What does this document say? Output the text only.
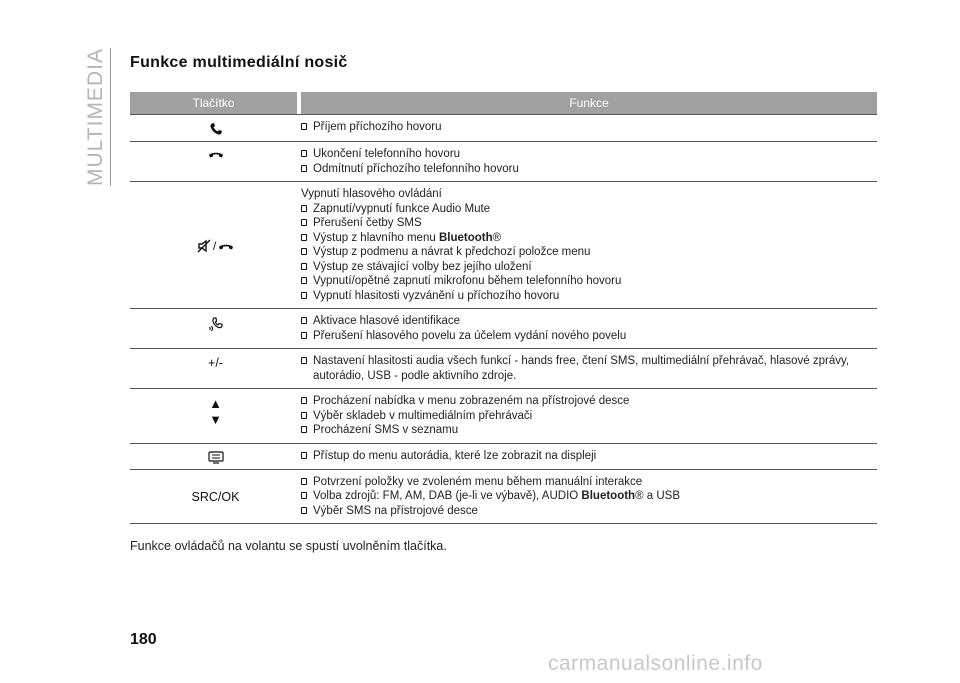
MULTIMEDIA Funkce multimediální nosič
Tlačítko	Funkce
Příjem příchozího hovoru
Ukončení telefonního hovoru
Odmítnutí příchozího telefonního hovoru
/
Vypnutí hlasového ovládání
Zapnutí/vypnutí funkce Audio Mute
Přerušení četby SMS
Výstup z hlavního menu Bluetooth®
Výstup z podmenu a návrat k předchozí položce menu
Výstup ze stávající volby bez jejího uložení
Vypnutí/opětné zapnutí mikrofonu během telefonního hovoru
Vypnutí hlasitosti vyzvánění u příchozího hovoru
Aktivace hlasové identifikace
Přerušení hlasového povelu za účelem vydání nového povelu
+/-	Nastavení hlasitosti audia všech funkcí - hands free, čtení SMS, multimediální přehrávač, hlasové zprávy, autorádio, USB - podle aktivního zdroje.
▲
▼
Procházení nabídka v menu zobrazeném na přístrojové desce
Výběr skladeb v multimediálním přehrávači
Procházení SMS v seznamu
Přístup do menu autorádia, které lze zobrazit na displeji
SRC/OK
Potvrzení položky ve zvoleném menu během manuální interakce
Volba zdrojů: FM, AM, DAB (je-li ve výbavě), AUDIO Bluetooth® a USB
Výběr SMS na přístrojové desce
Funkce ovládačů na volantu se spustí uvolněním tlačítka.
180
carmanualsonline.info
